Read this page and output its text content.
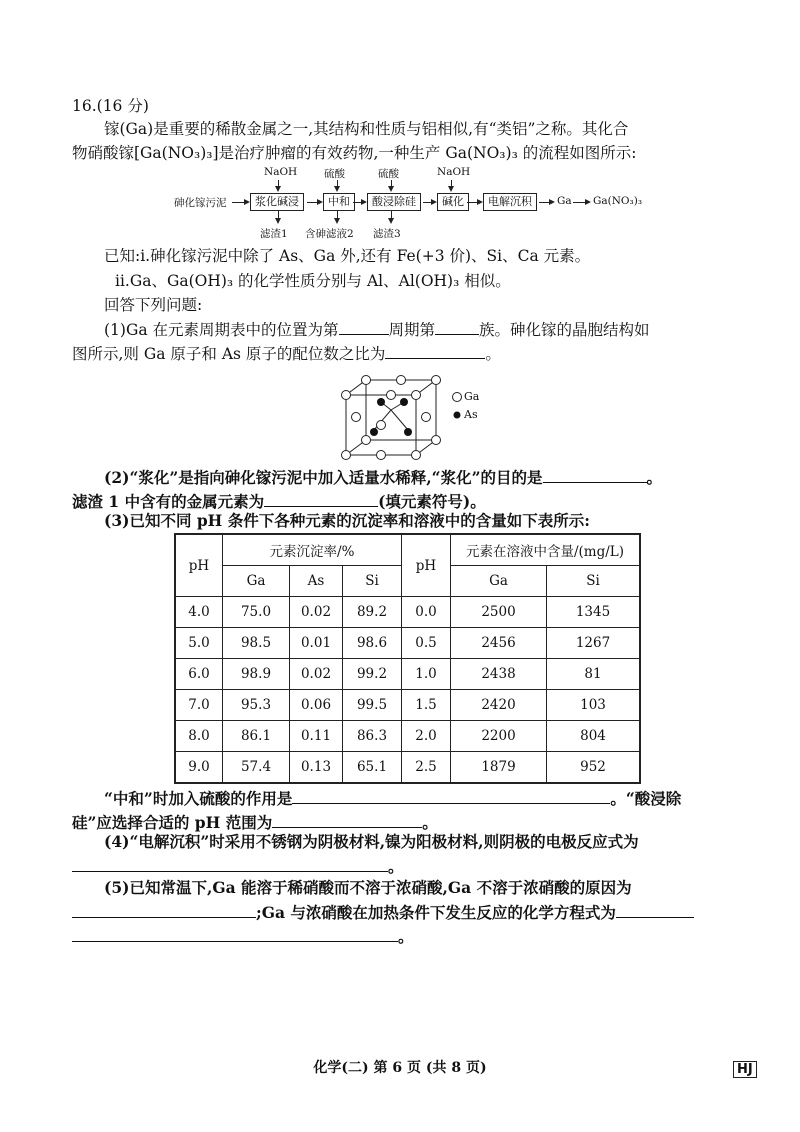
16.(16 分)
镓(Ga)是重要的稀散金属之一,其结构和性质与铝相似,有“类铝”之称。其化合
物硝酸镓[Ga(NO₃)₃]是治疗肿瘤的有效药物,一种生产 Ga(NO₃)₃ 的流程如图所示:
砷化镓污泥	浆化碱浸	中和	酸浸除硅	碱化	电解沉积	Ga Ga(NO₃)₃
NaOH	硫酸	硫酸	NaOH
滤渣1 含砷滤液2 滤渣3
已知:ⅰ.砷化镓污泥中除了 As、Ga 外,还有 Fe(+3 价)、Si、Ca 元素。
ⅱ.Ga、Ga(OH)₃ 的化学性质分别与 Al、Al(OH)₃ 相似。
回答下列问题:
(1)Ga 在元素周期表中的位置为第	周期第	族。砷化镓的晶胞结构如
图所示,则 Ga 原子和 As 原子的配位数之比为	。
Ga
As
(2)“浆化”是指向砷化镓污泥中加入适量水稀释,“浆化”的目的是	。
滤渣 1 中含有的金属元素为	(填元素符号)。
(3)已知不同 pH 条件下各种元素的沉淀率和溶液中的含量如下表所示:
pH	元素沉淀率/%			pH	元素在溶液中含量/(mg/L)	
	Ga	As	Si		Ga	Si
4.0	75.0	0.02	89.2	0.0	2500	1345
5.0	98.5	0.01	98.6	0.5	2456	1267
6.0	98.9	0.02	99.2	1.0	2438	81
7.0	95.3	0.06	99.5	1.5	2420	103
8.0	86.1	0.11	86.3	2.0	2200	804
9.0	57.4	0.13	65.1	2.5	1879	952
“中和”时加入硫酸的作用是	。“酸浸除
硅”应选择合适的 pH 范围为	。
(4)“电解沉积”时采用不锈钢为阴极材料,镍为阳极材料,则阴极的电极反应式为
。
(5)已知常温下,Ga 能溶于稀硝酸而不溶于浓硝酸,Ga 不溶于浓硝酸的原因为
;Ga 与浓硝酸在加热条件下发生反应的化学方程式为
。
化学(二) 第 6 页 (共 8 页)	HJ
